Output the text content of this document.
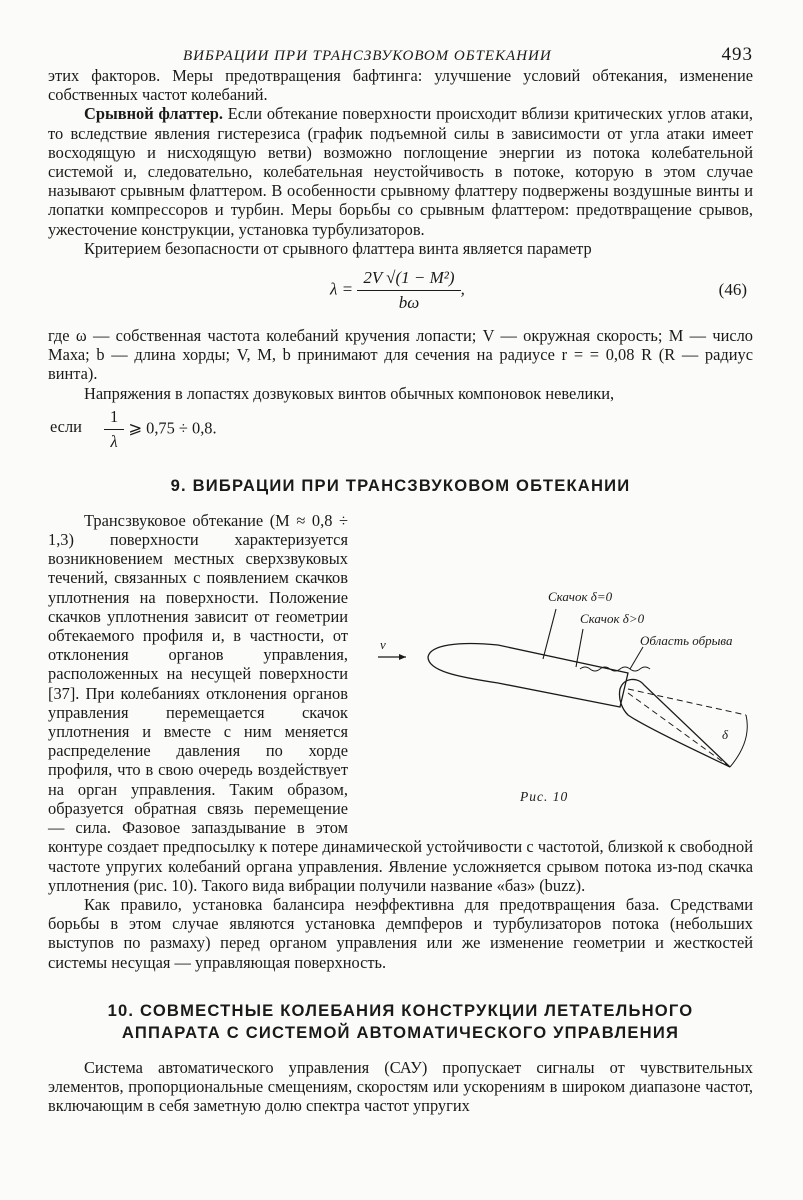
ВИБРАЦИИ ПРИ ТРАНСЗВУКОВОМ ОБТЕКАНИИ	493

этих факторов. Меры предотвращения бафтинга: улучшение условий обтекания, изменение собственных частот колебаний.

Срывной флаттер. Если обтекание поверхности происходит вблизи критических углов атаки, то вследствие явления гистерезиса (график подъемной силы в зависимости от угла атаки имеет восходящую и нисходящую ветви) возможно поглощение энергии из потока колебательной системой и, следовательно, колебательная неустойчивость в потоке, которую в этом случае называют срывным флаттером. В особенности срывному флаттеру подвержены воздушные винты и лопатки компрессоров и турбин. Меры борьбы со срывным флаттером: предотвращение срывов, ужесточение конструкции, установка турбулизаторов.

Критерием безопасности от срывного флаттера винта является параметр

$\lambda = \frac{\text{2V √(1 − M²)}}{b\omega}$ ,	(46)

где ω — собственная частота колебаний кручения лопасти; V — окружная скорость; M — число Маха; b — длина хорды; V, M, b принимают для сечения на радиусе r = = 0,08 R (R — радиус винта).

Напряжения в лопастях дозвуковых винтов обычных компоновок невелики,

если $\frac{1}{\lambda}$ ⩾ 0,75 ÷ 0,8.
9. ВИБРАЦИИ ПРИ ТРАНСЗВУКОВОМ ОБТЕКАНИИ
Скачок δ=0
Скачок δ>0
Область обрыва
v
δ
Рис. 10

Трансзвуковое обтекание (M ≈ 0,8 ÷ 1,3) поверхности характеризуется возникновением местных сверхзвуковых течений, связанных с появлением скачков уплотнения на поверхности. Положение скачков уплотнения зависит от геометрии обтекаемого профиля и, в частности, от отклонения органов управления, расположенных на несущей поверхности [37]. При колебаниях отклонения органов управления перемещается скачок уплотнения и вместе с ним меняется распределение давления по хорде профиля, что в свою очередь воздействует на орган управления. Таким образом, образуется обратная связь перемещение — сила. Фазовое запаздывание в этом контуре создает предпосылку к потере динамической устойчивости с частотой, близкой к свободной частоте упругих колебаний органа управления. Явление усложняется срывом потока из-под скачка уплотнения (рис. 10). Такого вида вибрации получили название «баз» (buzz).

Как правило, установка балансира неэффективна для предотвращения база. Средствами борьбы в этом случае являются установка демпферов и турбулизаторов потока (небольших выступов по размаху) перед органом управления или же изменение геометрии и жесткостей системы несущая — управляющая поверхность.

10. СОВМЕСТНЫЕ КОЛЕБАНИЯ КОНСТРУКЦИИ ЛЕТАТЕЛЬНОГО
АППАРАТА С СИСТЕМОЙ АВТОМАТИЧЕСКОГО УПРАВЛЕНИЯ

Система автоматического управления (САУ) пропускает сигналы от чувствительных элементов, пропорциональные смещениям, скоростям или ускорениям в широком диапазоне частот, включающим в себя заметную долю спектра частот упругих
